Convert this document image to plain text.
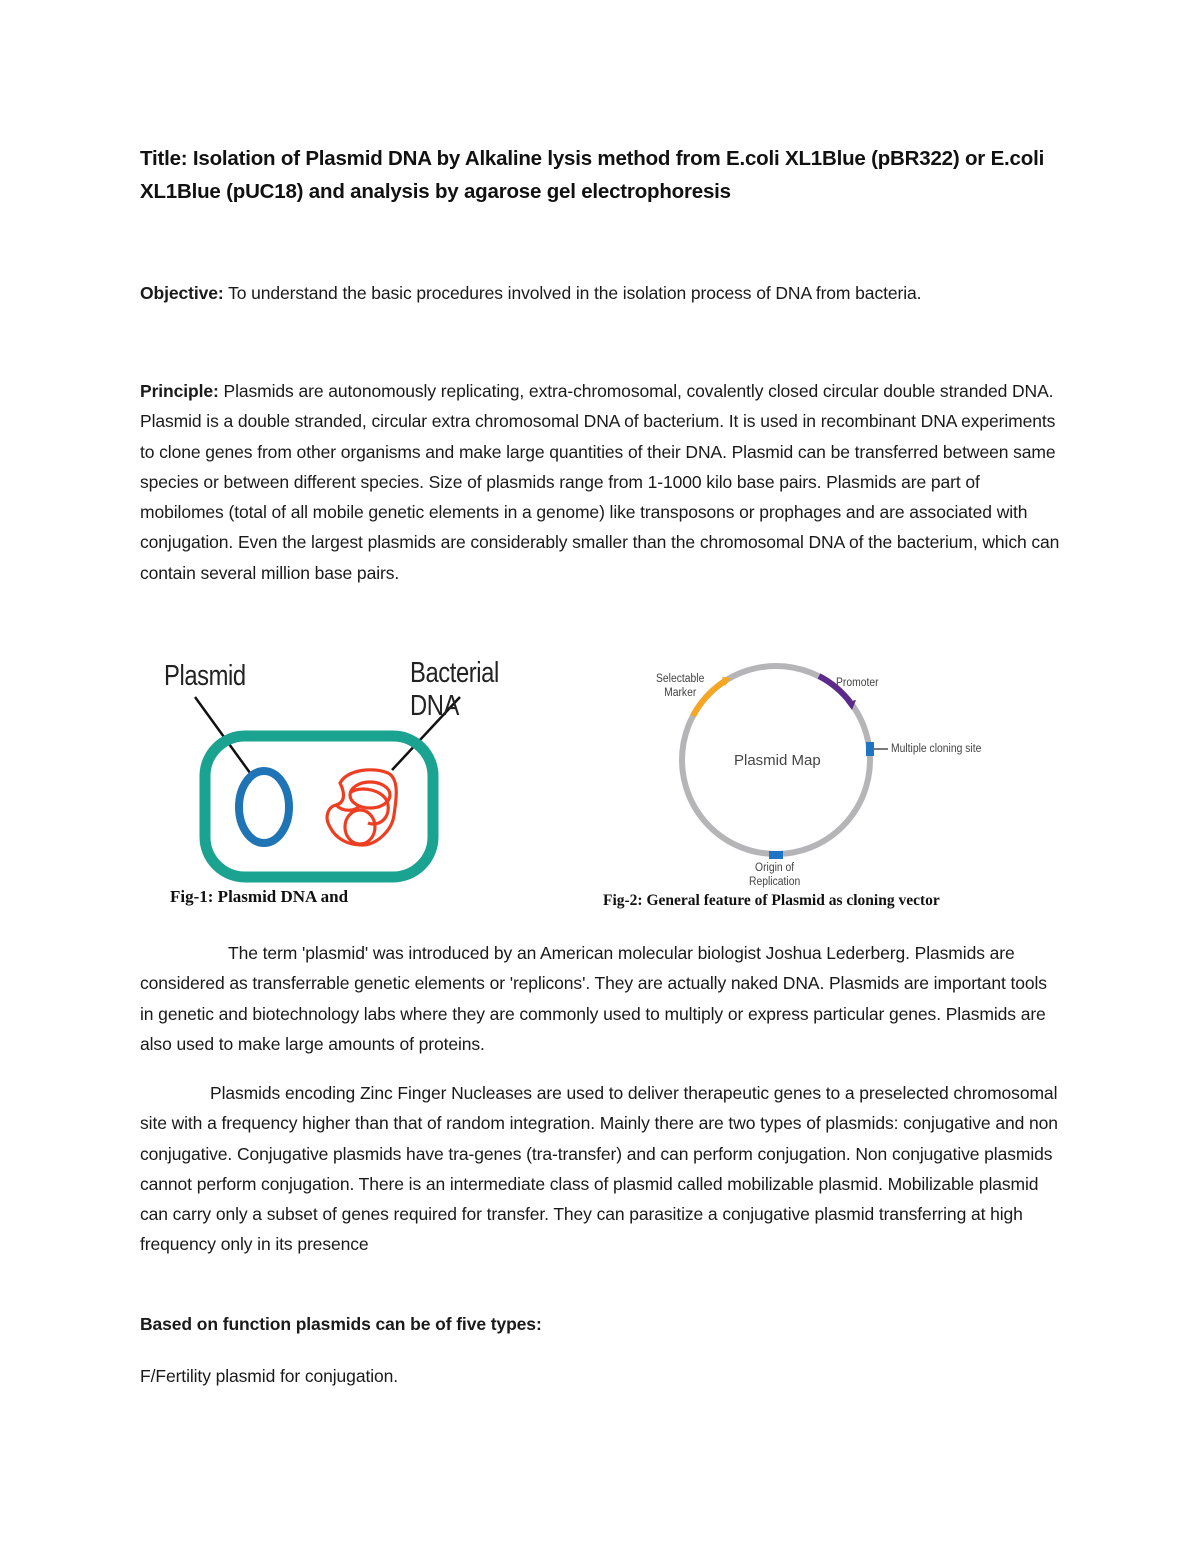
Title: Isolation of Plasmid DNA by Alkaline lysis method from E.coli XL1Blue (pBR322) or E.coli XL1Blue (pUC18) and analysis by agarose gel electrophoresis
Objective: To understand the basic procedures involved in the isolation process of DNA from bacteria.
Principle: Plasmids are autonomously replicating, extra-chromosomal, covalently closed circular double stranded DNA. Plasmid is a double stranded, circular extra chromosomal DNA of bacterium. It is used in recombinant DNA experiments to clone genes from other organisms and make large quantities of their DNA. Plasmid can be transferred between same species or between different species. Size of plasmids range from 1-1000 kilo base pairs. Plasmids are part of mobilomes (total of all mobile genetic elements in a genome) like transposons or prophages and are associated with conjugation. Even the largest plasmids are considerably smaller than the chromosomal DNA of the bacterium, which can contain several million base pairs.
Plasmid	Bacterial DNA
Fig-1: Plasmid DNA and
Selectable
Marker
Promoter
Multiple cloning site
Plasmid Map
Origin of
Replication
Fig-2: General feature of Plasmid as cloning vector
The term 'plasmid' was introduced by an American molecular biologist Joshua Lederberg. Plasmids are considered as transferrable genetic elements or 'replicons'. They are actually naked DNA. Plasmids are important tools in genetic and biotechnology labs where they are commonly used to multiply or express particular genes. Plasmids are also used to make large amounts of proteins.
Plasmids encoding Zinc Finger Nucleases are used to deliver therapeutic genes to a preselected chromosomal site with a frequency higher than that of random integration. Mainly there are two types of plasmids: conjugative and non conjugative. Conjugative plasmids have tra-genes (tra-transfer) and can perform conjugation. Non conjugative plasmids cannot perform conjugation. There is an intermediate class of plasmid called mobilizable plasmid. Mobilizable plasmid can carry only a subset of genes required for transfer. They can parasitize a conjugative plasmid transferring at high frequency only in its presence
Based on function plasmids can be of five types:
F/Fertility plasmid for conjugation.
